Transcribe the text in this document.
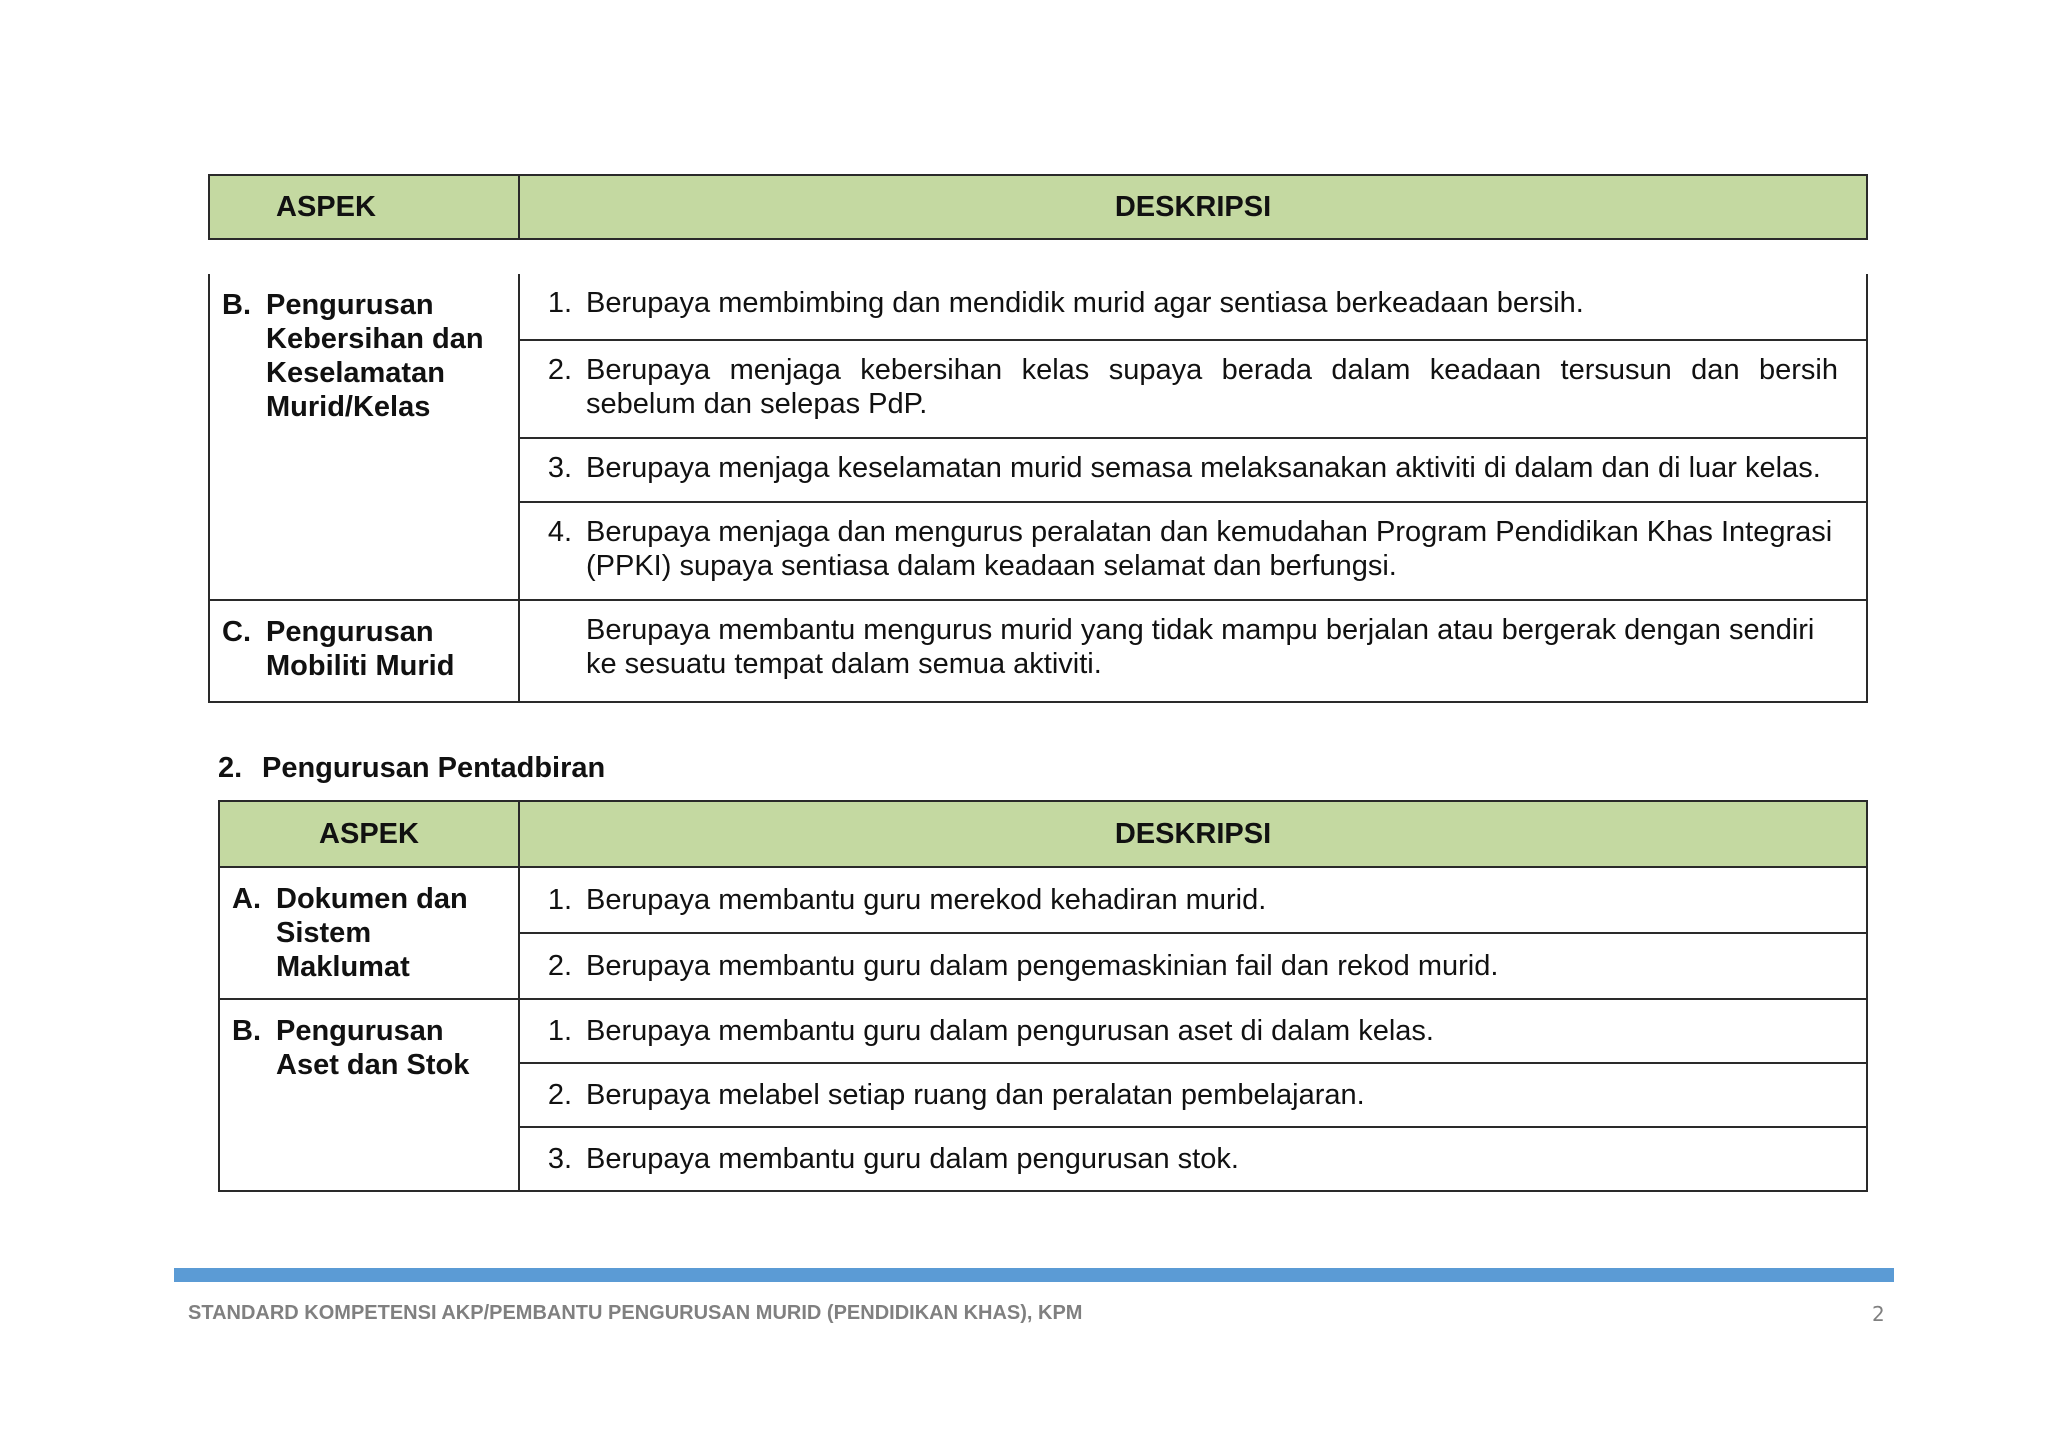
ASPEK	DESKRIPSI
B. Pengurusan Kebersihan dan Keselamatan Murid/Kelas	1. Berupaya membimbing dan mendidik murid agar sentiasa berkeadaan bersih.

	2. Berupaya menjaga kebersihan kelas supaya berada dalam keadaan tersusun dan bersih sebelum dan selepas PdP.

	3. Berupaya menjaga keselamatan murid semasa melaksanakan aktiviti di dalam dan di luar kelas.

	4. Berupaya menjaga dan mengurus peralatan dan kemudahan Program Pendidikan Khas Integrasi (PPKI) supaya sentiasa dalam keadaan selamat dan berfungsi.

C. Pengurusan Mobiliti Murid	Berupaya membantu mengurus murid yang tidak mampu berjalan atau bergerak dengan sendiri ke sesuatu tempat dalam semua aktiviti.
2. Pengurusan Pentadbiran
ASPEK	DESKRIPSI

A. Dokumen dan Sistem Maklumat	1. Berupaya membantu guru merekod kehadiran murid.

	2. Berupaya membantu guru dalam pengemaskinian fail dan rekod murid.

B. Pengurusan Aset dan Stok	1. Berupaya membantu guru dalam pengurusan aset di dalam kelas.

	2. Berupaya melabel setiap ruang dan peralatan pembelajaran.

	3. Berupaya membantu guru dalam pengurusan stok.
STANDARD KOMPETENSI AKP/PEMBANTU PENGURUSAN MURID (PENDIDIKAN KHAS), KPM	2
